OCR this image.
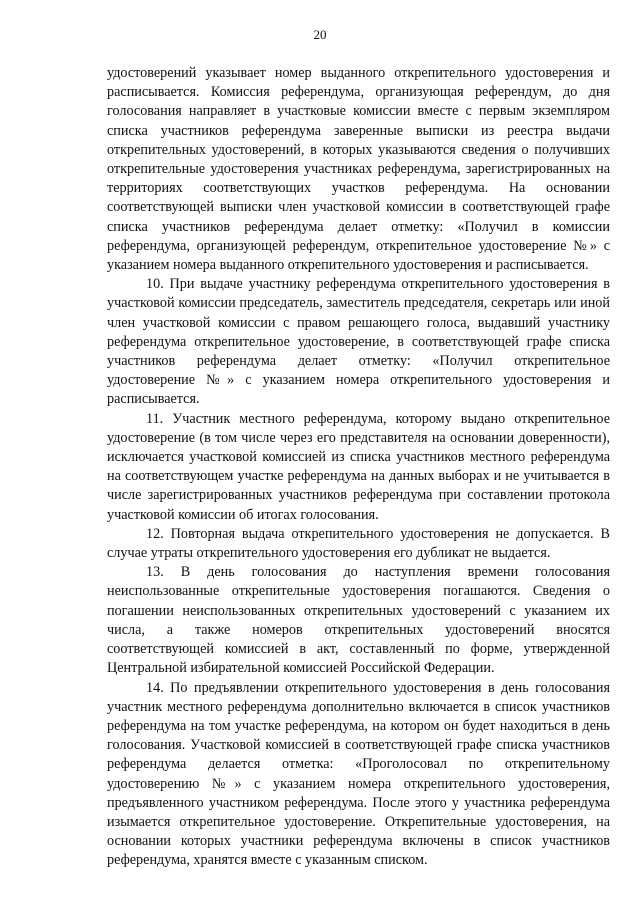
20

удостоверений указывает номер выданного открепительного удостоверения и расписывается. Комиссия референдума, организующая референдум, до дня голосования направляет в участковые комиссии вместе с первым экземпляром списка участников референдума заверенные выписки из реестра выдачи открепительных удостоверений, в которых указываются сведения о получивших открепительные удостоверения участниках референдума, зарегистрированных на территориях соответствующих участков референдума. На основании соответствующей выписки член участковой комиссии в соответствующей графе списка участников референдума делает отметку: «Получил в комиссии референдума, организующей референдум, открепительное удостоверение №» с указанием номера выданного открепительного удостоверения и расписывается.

10. При выдаче участнику референдума открепительного удостоверения в участковой комиссии председатель, заместитель председателя, секретарь или иной член участковой комиссии с правом решающего голоса, выдавший участнику референдума открепительное удостоверение, в соответствующей графе списка участников референдума делает отметку: «Получил открепительное удостоверение №» с указанием номера открепительного удостоверения и расписывается.

11. Участник местного референдума, которому выдано открепительное удостоверение (в том числе через его представителя на основании доверенности), исключается участковой комиссией из списка участников местного референдума на соответствующем участке референдума на данных выборах и не учитывается в числе зарегистрированных участников референдума при составлении протокола участковой комиссии об итогах голосования.

12. Повторная выдача открепительного удостоверения не допускается. В случае утраты открепительного удостоверения его дубликат не выдается.

13. В день голосования до наступления времени голосования неиспользованные открепительные удостоверения погашаются. Сведения о погашении неиспользованных открепительных удостоверений с указанием их числа, а также номеров открепительных удостоверений вносятся соответствующей комиссией в акт, составленный по форме, утвержденной Центральной избирательной комиссией Российской Федерации.

14. По предъявлении открепительного удостоверения в день голосования участник местного референдума дополнительно включается в список участников референдума на том участке референдума, на котором он будет находиться в день голосования. Участковой комиссией в соответствующей графе списка участников референдума делается отметка: «Проголосовал по открепительному удостоверению №» с указанием номера открепительного удостоверения, предъявленного участником референдума. После этого у участника референдума изымается открепительное удостоверение. Открепительные удостоверения, на основании которых участники референдума включены в список участников референдума, хранятся вместе с указанным списком.
